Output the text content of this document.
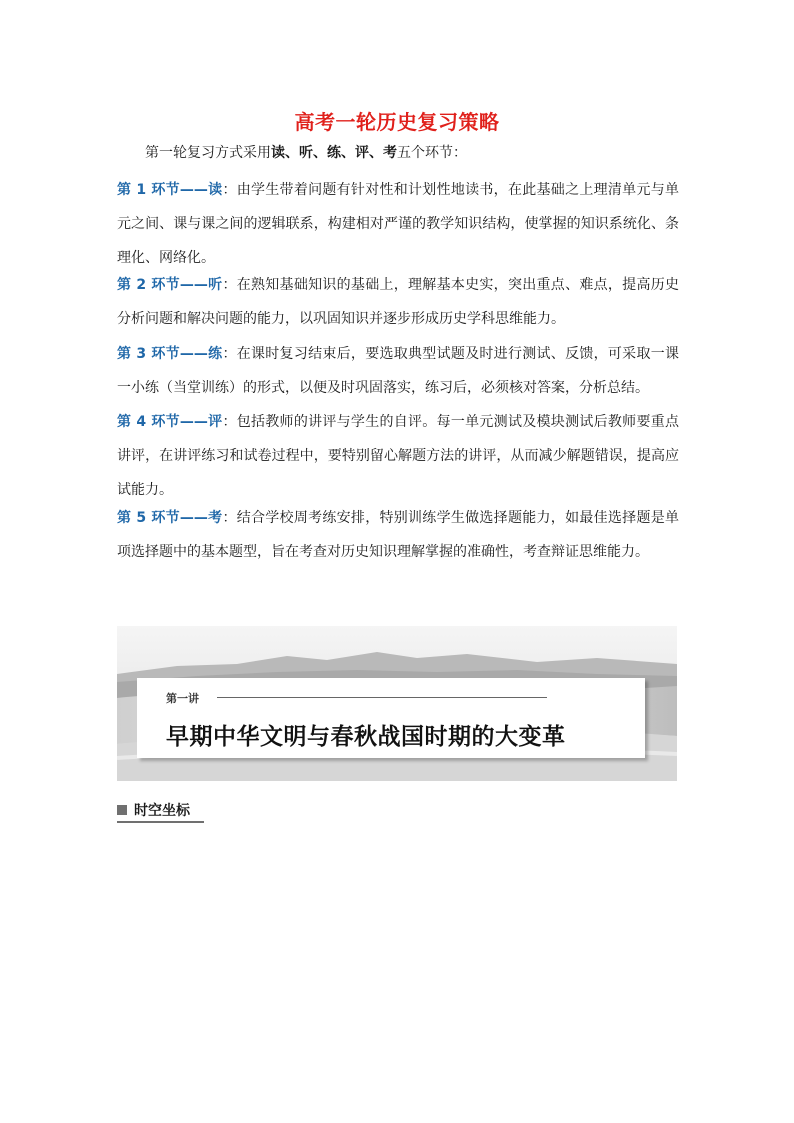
高考一轮历史复习策略
第一轮复习方式采用读、听、练、评、考五个环节：
第 1 环节——读：由学生带着问题有针对性和计划性地读书，在此基础之上理清单元与单元之间、课与课之间的逻辑联系，构建相对严谨的教学知识结构，使掌握的知识系统化、条理化、网络化。
第 2 环节——听：在熟知基础知识的基础上，理解基本史实，突出重点、难点，提高历史分析问题和解决问题的能力，以巩固知识并逐步形成历史学科思维能力。
第 3 环节——练：在课时复习结束后，要选取典型试题及时进行测试、反馈，可采取一课一小练（当堂训练）的形式，以便及时巩固落实，练习后，必须核对答案，分析总结。
第 4 环节——评：包括教师的讲评与学生的自评。每一单元测试及模块测试后教师要重点讲评，在讲评练习和试卷过程中，要特别留心解题方法的讲评，从而减少解题错误，提高应试能力。
第 5 环节——考：结合学校周考练安排，特别训练学生做选择题能力，如最佳选择题是单项选择题中的基本题型，旨在考查对历史知识理解掌握的准确性，考查辩证思维能力。
第一讲
早期中华文明与春秋战国时期的大变革
时空坐标
